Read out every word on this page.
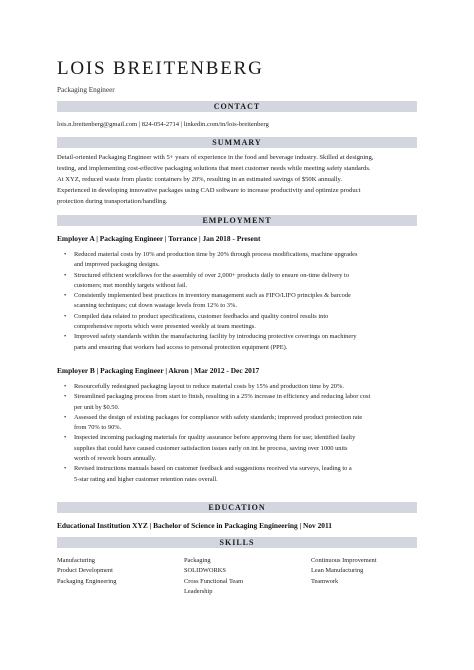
LOIS BREITENBERG
Packaging Engineer
CONTACT
lois.n.breitenberg@gmail.com | 824-054-2714 | linkedin.com/in/lois-breitenberg
SUMMARY
Detail-oriented Packaging Engineer with 5+ years of experience in the food and beverage industry. Skilled at designing,
testing, and implementing cost-effective packaging solutions that meet customer needs while meeting safety standards.
At XYZ, reduced waste from plastic containers by 20%, resulting in an estimated savings of $50K annually.
Experienced in developing innovative packages using CAD software to increase productivity and optimize product
protection during transportation/handling.
EMPLOYMENT
Employer A | Packaging Engineer | Torrance | Jan 2018 - Present
• Reduced material costs by 10% and production time by 20% through process modifications, machine upgrades
and improved packaging designs.
• Structured efficient workflows for the assembly of over 2,000+ products daily to ensure on-time delivery to
customers; met monthly targets without fail.
• Consistently implemented best practices in inventory management such as FIFO/LIFO principles & barcode
scanning techniques; cut down wastage levels from 12% to 3%.
• Compiled data related to product specifications, customer feedbacks and quality control results into
comprehensive reports which were presented weekly at team meetings.
• Improved safety standards within the manufacturing facility by introducing protective coverings on machinery
parts and ensuring that workers had access to personal protection equipment (PPE).
Employer B | Packaging Engineer | Akron | Mar 2012 - Dec 2017
• Resourcefully redesigned packaging layout to reduce material costs by 15% and production time by 20%.
• Streamlined packaging process from start to finish, resulting in a 25% increase in efficiency and reducing labor cost
per unit by $0.50.
• Assessed the design of existing packages for compliance with safety standards; improved product protection rate
from 70% to 90%.
• Inspected incoming packaging materials for quality assurance before approving them for use; identified faulty
supplies that could have caused customer satisfaction issues early on int he process, saving over 1000 units
worth of rework hours annually.
• Revised instructions manuals based on customer feedback and suggestions received via surveys, leading to a
5-star rating and higher customer retention rates overall.
EDUCATION
Educational Institution XYZ | Bachelor of Science in Packaging Engineering | Nov 2011
SKILLS
Manufacturing
Product Development
Packaging Engineering
Packaging
SOLIDWORKS
Cross Functional Team
Leadership
Continuous Improvement
Lean Manufacturing
Teamwork
